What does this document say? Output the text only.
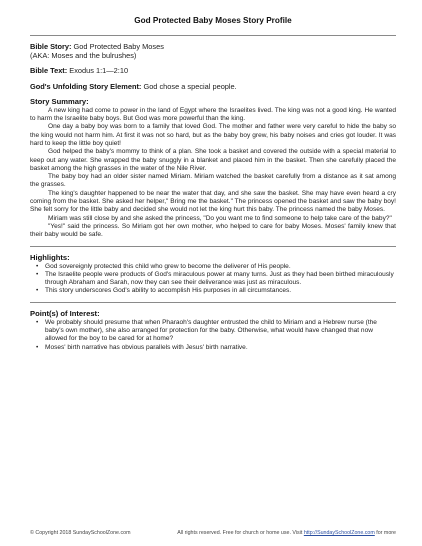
God Protected Baby Moses Story Profile
Bible Story: God Protected Baby Moses
(AKA: Moses and the bulrushes)
Bible Text: Exodus 1:1—2:10
God's Unfolding Story Element: God chose a special people.
Story Summary:

A new king had come to power in the land of Egypt where the Israelites lived. The king was not a good king. He wanted to harm the Israelite baby boys. But God was more powerful than the king.

One day a baby boy was born to a family that loved God. The mother and father were very careful to hide the baby so the king would not harm him. At first it was not so hard, but as the baby boy grew, his baby noises and cries got louder. It was hard to keep the little boy quiet!

God helped the baby's mommy to think of a plan. She took a basket and covered the outside with a special material to keep out any water. She wrapped the baby snuggly in a blanket and placed him in the basket. Then she carefully placed the basket among the high grasses in the water of the Nile River.

The baby boy had an older sister named Miriam. Miriam watched the basket carefully from a distance as it sat among the grasses.

The king's daughter happened to be near the water that day, and she saw the basket. She may have even heard a cry coming from the basket. She asked her helper," Bring me the basket." The princess opened the basket and saw the baby boy! She felt sorry for the little baby and decided she would not let the king hurt this baby. The princess named the baby Moses.

Miriam was still close by and she asked the princess, "Do you want me to find someone to help take care of the baby?"

"Yes!" said the princess. So Miriam got her own mother, who helped to care for baby Moses. Moses' family knew that their baby would be safe.

Highlights:
• God sovereignly protected this child who grew to become the deliverer of His people.
• The Israelite people were products of God's miraculous power at many turns. Just as they had been birthed miraculously through Abraham and Sarah, now they can see their deliverance was just as miraculous.
• This story underscores God's ability to accomplish His purposes in all circumstances.
Point(s) of Interest:
• We probably should presume that when Pharaoh's daughter entrusted the child to Miriam and a Hebrew nurse (the baby's own mother), she also arranged for protection for the baby. Otherwise, what would have changed that now allowed for the boy to be cared for at home?
• Moses' birth narrative has obvious parallels with Jesus' birth narrative.
© Copyright 2018 SundaySchoolZone.com	All rights reserved. Free for church or home use. Visit http://SundaySchoolZone.com for more
